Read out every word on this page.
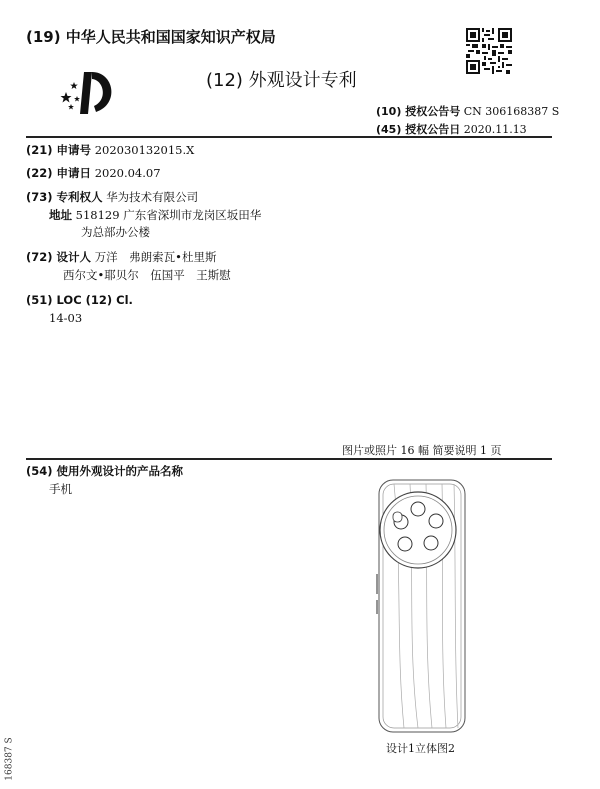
(19) 中华人民共和国国家知识产权局
(12) 外观设计专利
(10) 授权公告号 CN 306168387 S
(45) 授权公告日 2020.11.13
(21) 申请号 202030132015.X
(22) 申请日 2020.04.07
(73) 专利权人 华为技术有限公司
地址 518129 广东省深圳市龙岗区坂田华
为总部办公楼
(72) 设计人 万洋　弗朗索瓦•杜里斯
西尔文•耶贝尔　伍国平　王斯慰
(51) LOC (12) Cl.
14-03
图片或照片 16 幅 简要说明 1 页
(54) 使用外观设计的产品名称
手机
设计1立体图2
168387 S
